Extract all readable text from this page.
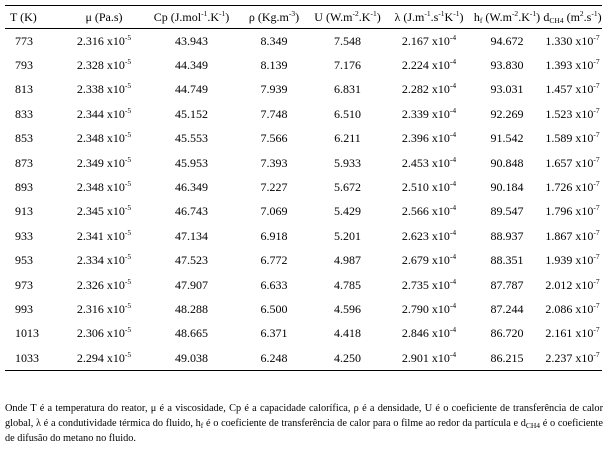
T (K)	μ (Pa.s)	Cp $(J.mol^{-1}.K^{-1})$	ρ $(Kg.m^{-3})$	U $(W.m^{-2}.K^{-1})$	λ $(J.m^{-1}.s^{-1}K^{-1})$	$h_f$ $(W.m^{-2}.K^{-1})$	$d_{CH4}$ $(m^2.s^{-1})$
773	2.316 $x10^{-5}$	43.943	8.349	7.548	2.167 $x10^{-4}$	94.672	1.330 $x10^{-7}$
793	2.328 $x10^{-5}$	44.349	8.139	7.176	2.224 $x10^{-4}$	93.830	1.393 $x10^{-7}$
813	2.338 $x10^{-5}$	44.749	7.939	6.831	2.282 $x10^{-4}$	93.031	1.457 $x10^{-7}$
833	2.344 $x10^{-5}$	45.152	7.748	6.510	2.339 $x10^{-4}$	92.269	1.523 $x10^{-7}$
853	2.348 $x10^{-5}$	45.553	7.566	6.211	2.396 $x10^{-4}$	91.542	1.589 $x10^{-7}$
873	2.349 $x10^{-5}$	45.953	7.393	5.933	2.453 $x10^{-4}$	90.848	1.657 $x10^{-7}$
893	2.348 $x10^{-5}$	46.349	7.227	5.672	2.510 $x10^{-4}$	90.184	1.726 $x10^{-7}$
913	2.345 $x10^{-5}$	46.743	7.069	5.429	2.566 $x10^{-4}$	89.547	1.796 $x10^{-7}$
933	2.341 $x10^{-5}$	47.134	6.918	5.201	2.623 $x10^{-4}$	88.937	1.867 $x10^{-7}$
953	2.334 $x10^{-5}$	47.523	6.772	4.987	2.679 $x10^{-4}$	88.351	1.939 $x10^{-7}$
973	2.326 $x10^{-5}$	47.907	6.633	4.785	2.735 $x10^{-4}$	87.787	2.012 $x10^{-7}$
993	2.316 $x10^{-5}$	48.288	6.500	4.596	2.790 $x10^{-4}$	87.244	2.086 $x10^{-7}$
1013	2.306 $x10^{-5}$	48.665	6.371	4.418	2.846 $x10^{-4}$	86.720	2.161 $x10^{-7}$
1033	2.294 $x10^{-5}$	49.038	6.248	4.250	2.901 $x10^{-4}$	86.215	2.237 $x10^{-7}$

Onde T é a temperatura do reator, μ é a viscosidade, Cp é a capacidade calorífica, ρ é a densidade, U é o coeficiente de transferência de calor global, λ é a condutividade térmica do fluido, $h_f$ é o coeficiente de transferência de calor para o filme ao redor da partícula e $d_{CH4}$ é o coeficiente de difusão do metano no fluido.
